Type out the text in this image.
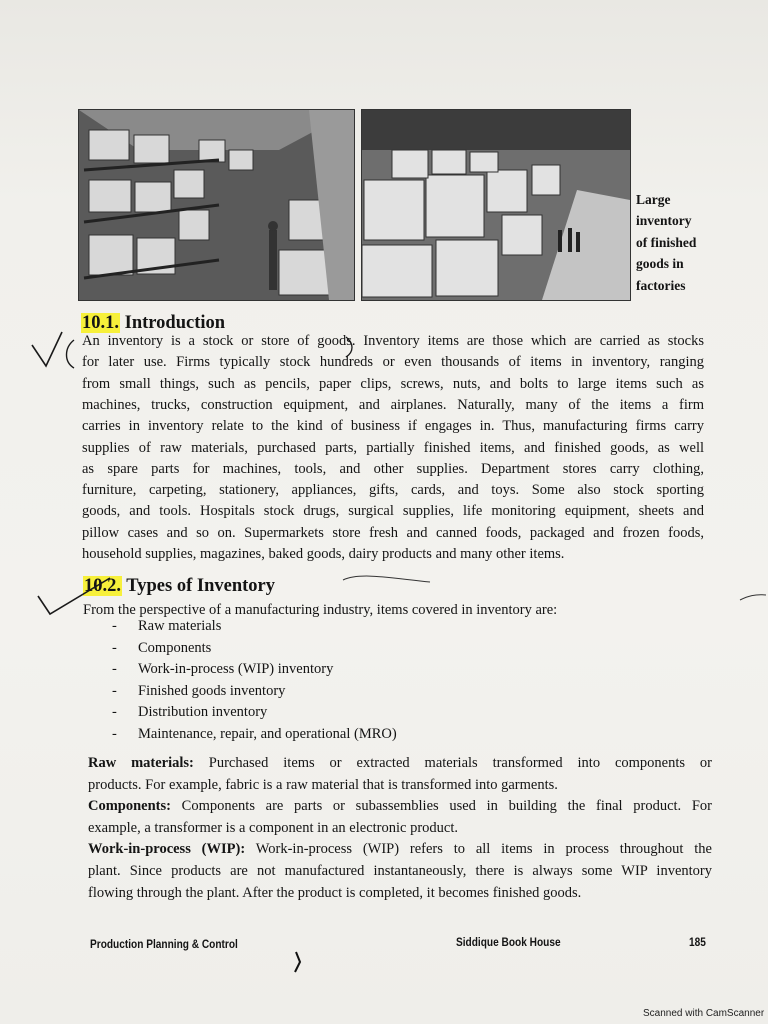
Large
inventory
of finished
goods in
factories
10.1. Introduction
An inventory is a stock or store of goods. Inventory items are those which are carried as stocks
for later use. Firms typically stock hundreds or even thousands of items in inventory, ranging
from small things, such as pencils, paper clips, screws, nuts, and bolts to large items such as
machines, trucks, construction equipment, and airplanes. Naturally, many of the items a firm
carries in inventory relate to the kind of business if engages in. Thus, manufacturing firms carry
supplies of raw materials, purchased parts, partially finished items, and finished goods, as well
as spare parts for machines, tools, and other supplies. Department stores carry clothing,
furniture, carpeting, stationery, appliances, gifts, cards, and toys. Some also stock sporting
goods, and tools. Hospitals stock drugs, surgical supplies, life monitoring equipment, sheets and
pillow cases and so on. Supermarkets store fresh and canned foods, packaged and frozen foods,
household supplies, magazines, baked goods, dairy products and many other items.
10.2. Types of Inventory
From the perspective of a manufacturing industry, items covered in inventory are:
-	Raw materials
-	Components
-	Work-in-process (WIP) inventory
-	Finished goods inventory
-	Distribution inventory
-	Maintenance, repair, and operational (MRO)
Raw materials: Purchased items or extracted materials transformed into components or
products. For example, fabric is a raw material that is transformed into garments.
Components: Components are parts or subassemblies used in building the final product. For
example, a transformer is a component in an electronic product.
Work-in-process (WIP): Work-in-process (WIP) refers to all items in process throughout the
plant. Since products are not manufactured instantaneously, there is always some WIP inventory
flowing through the plant. After the product is completed, it becomes finished goods.
Production Planning & Control	Siddique Book House	185
Scanned with CamScanner
